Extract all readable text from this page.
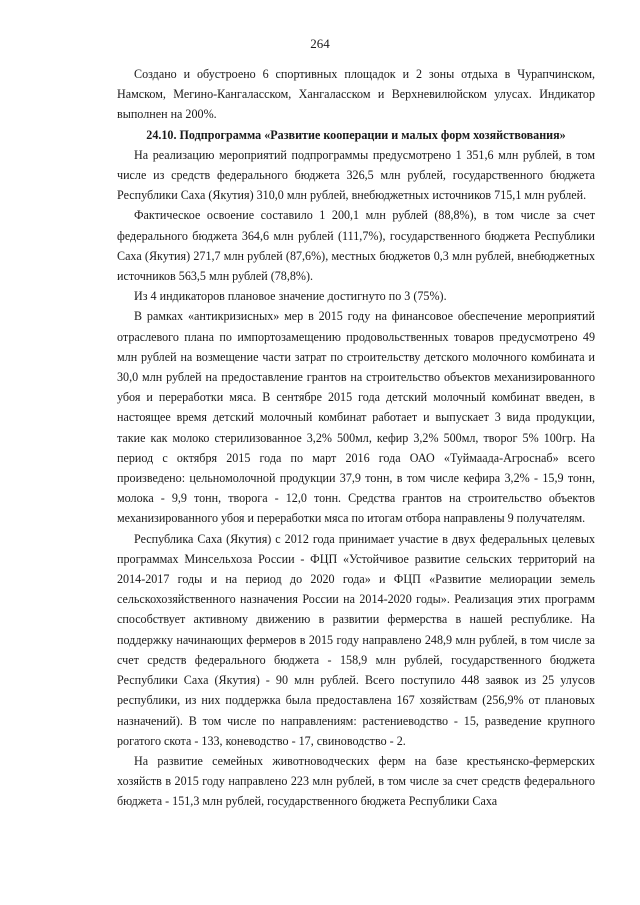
264

Создано и обустроено 6 спортивных площадок и 2 зоны отдыха в Чурапчинском, Намском, Мегино-Кангаласском, Хангаласском и Верхневилюйском улусах. Индикатор выполнен на 200%.

24.10. Подпрограмма «Развитие кооперации и малых форм хозяйствования»

На реализацию мероприятий подпрограммы предусмотрено 1 351,6 млн рублей, в том числе из средств федерального бюджета 326,5 млн рублей, государственного бюджета Республики Саха (Якутия) 310,0 млн рублей, внебюджетных источников 715,1 млн рублей.

Фактическое освоение составило 1 200,1 млн рублей (88,8%), в том числе за счет федерального бюджета 364,6 млн рублей (111,7%), государственного бюджета Республики Саха (Якутия) 271,7 млн рублей (87,6%), местных бюджетов 0,3 млн рублей, внебюджетных источников 563,5 млн рублей (78,8%).

Из 4 индикаторов плановое значение достигнуто по 3 (75%).

В рамках «антикризисных» мер в 2015 году на финансовое обеспечение мероприятий отраслевого плана по импортозамещению продовольственных товаров предусмотрено 49 млн рублей на возмещение части затрат по строительству детского молочного комбината и 30,0 млн рублей на предоставление грантов на строительство объектов механизированного убоя и переработки мяса. В сентябре 2015 года детский молочный комбинат введен, в настоящее время детский молочный комбинат работает и выпускает 3 вида продукции, такие как молоко стерилизованное 3,2% 500мл, кефир 3,2% 500мл, творог 5% 100гр. На период с октября 2015 года по март 2016 года ОАО «Туймаада-Агроснаб» всего произведено: цельномолочной продукции 37,9 тонн, в том числе кефира 3,2% - 15,9 тонн, молока - 9,9 тонн, творога - 12,0 тонн. Средства грантов на строительство объектов механизированного убоя и переработки мяса по итогам отбора направлены 9 получателям.

Республика Саха (Якутия) с 2012 года принимает участие в двух федеральных целевых программах Минсельхоза России - ФЦП «Устойчивое развитие сельских территорий на 2014-2017 годы и на период до 2020 года» и ФЦП «Развитие мелиорации земель сельскохозяйственного назначения России на 2014-2020 годы». Реализация этих программ способствует активному движению в развитии фермерства в нашей республике. На поддержку начинающих фермеров в 2015 году направлено 248,9 млн рублей, в том числе за счет средств федерального бюджета - 158,9 млн рублей, государственного бюджета Республики Саха (Якутия) - 90 млн рублей. Всего поступило 448 заявок из 25 улусов республики, из них поддержка была предоставлена 167 хозяйствам (256,9% от плановых назначений). В том числе по направлениям: растениеводство - 15, разведение крупного рогатого скота - 133, коневодство - 17, свиноводство - 2.

На развитие семейных животноводческих ферм на базе крестьянско-фермерских хозяйств в 2015 году направлено 223 млн рублей, в том числе за счет средств федерального бюджета - 151,3 млн рублей, государственного бюджета Республики Саха
